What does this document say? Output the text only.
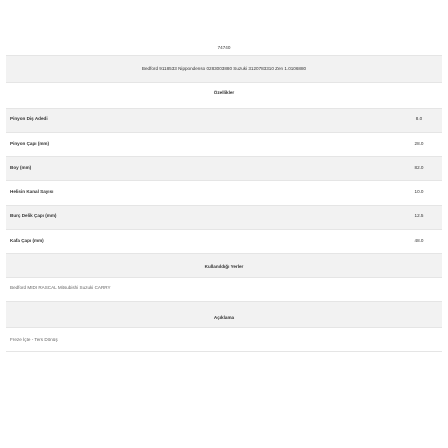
74740
Bedford 9118533 Nippondenso 0283003880 Suzuki 3120783310 Zen 1.0106880
Özellikler
Pinyon Diş Adedi	8.0
Pinyon Çapı (mm)	28.0
Boy (mm)	82.0
Helisin Kanal Sayısı	10.0
Burç Delik Çapı (mm)	12.5
Kafa Çapı (mm)	48.0
Kullanıldığı Yerler
Bedford MIDI RASCAL Mitsubishi Suzuki CARRY
Açıklama
Freze İçte - Ters Dönüş
